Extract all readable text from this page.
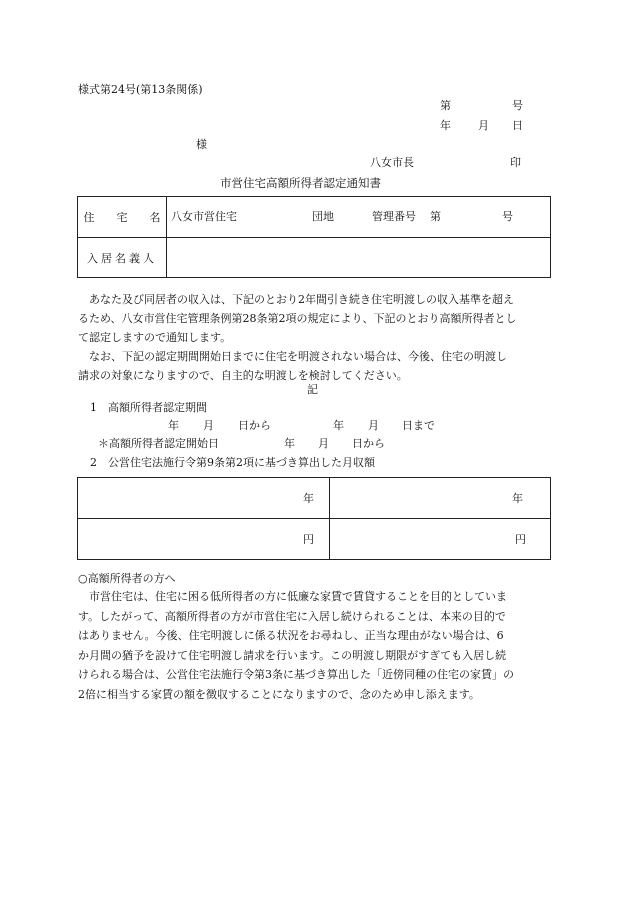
様式第24号(第13条関係)
第	号
年 月 日
様
八女市長	印
市営住宅高額所得者認定通知書
住　　宅　　名	八女市営住宅 団地 管理番号 第 号

入居名義人	

　あなた及び同居者の収入は、下記のとおり2年間引き続き住宅明渡しの収入基準を超え

るため、八女市営住宅管理条例第28条第2項の規定により、下記のとおり高額所得者とし

て認定しますので通知します。

　なお、下記の認定期間開始日までに住宅を明渡されない場合は、今後、住宅の明渡し

請求の対象になりますので、自主的な明渡しを検討してください。

記
1　高額所得者認定期間
年 月 日から	年 月 日まで
＊高額所得者認定開始日	年 月 日から
2　公営住宅法施行令第9条第2項に基づき算出した月収額
年	年
円	円
○高額所得者の方へ

　市営住宅は、住宅に困る低所得者の方に低廉な家賃で賃貸することを目的としていま

す。したがって、高額所得者の方が市営住宅に入居し続けられることは、本来の目的で

はありません。今後、住宅明渡しに係る状況をお尋ねし、正当な理由がない場合は、6

か月間の猶予を設けて住宅明渡し請求を行います。この明渡し期限がすぎても入居し続

けられる場合は、公営住宅法施行令第3条に基づき算出した「近傍同種の住宅の家賃」の

2倍に相当する家賃の額を徴収することになりますので、念のため申し添えます。
